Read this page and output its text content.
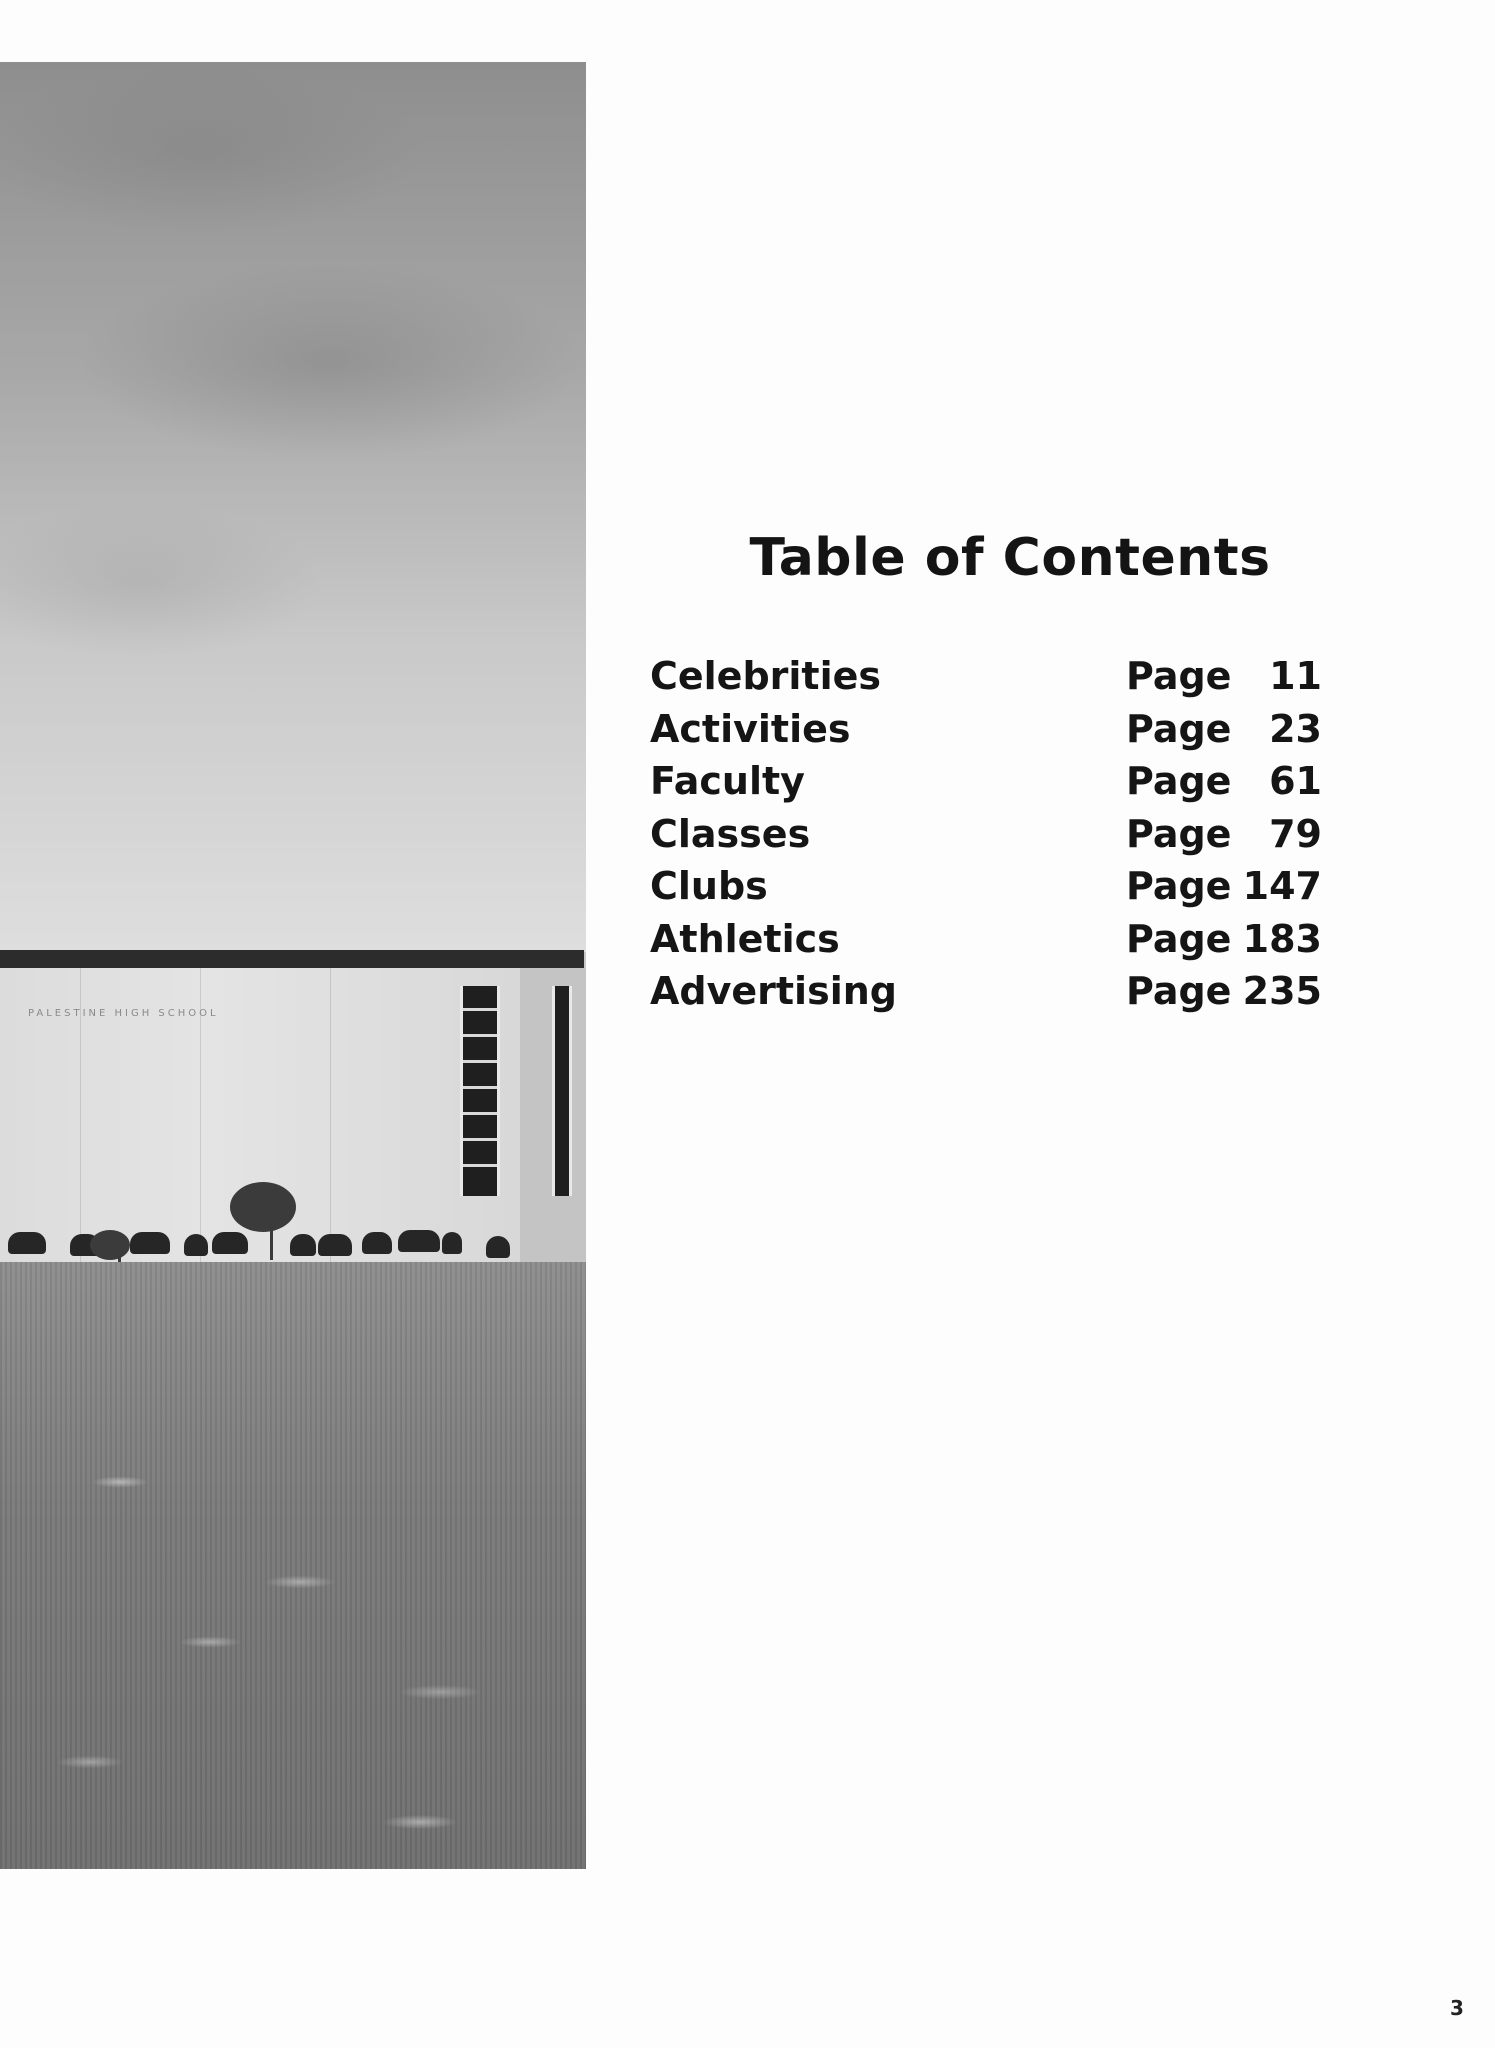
PALESTINE HIGH SCHOOL
Table of Contents
Celebrities	Page 11
Activities	Page 23
Faculty	Page 61
Classes	Page 79
Clubs	Page 147
Athletics	Page 183
Advertising	Page 235
3
